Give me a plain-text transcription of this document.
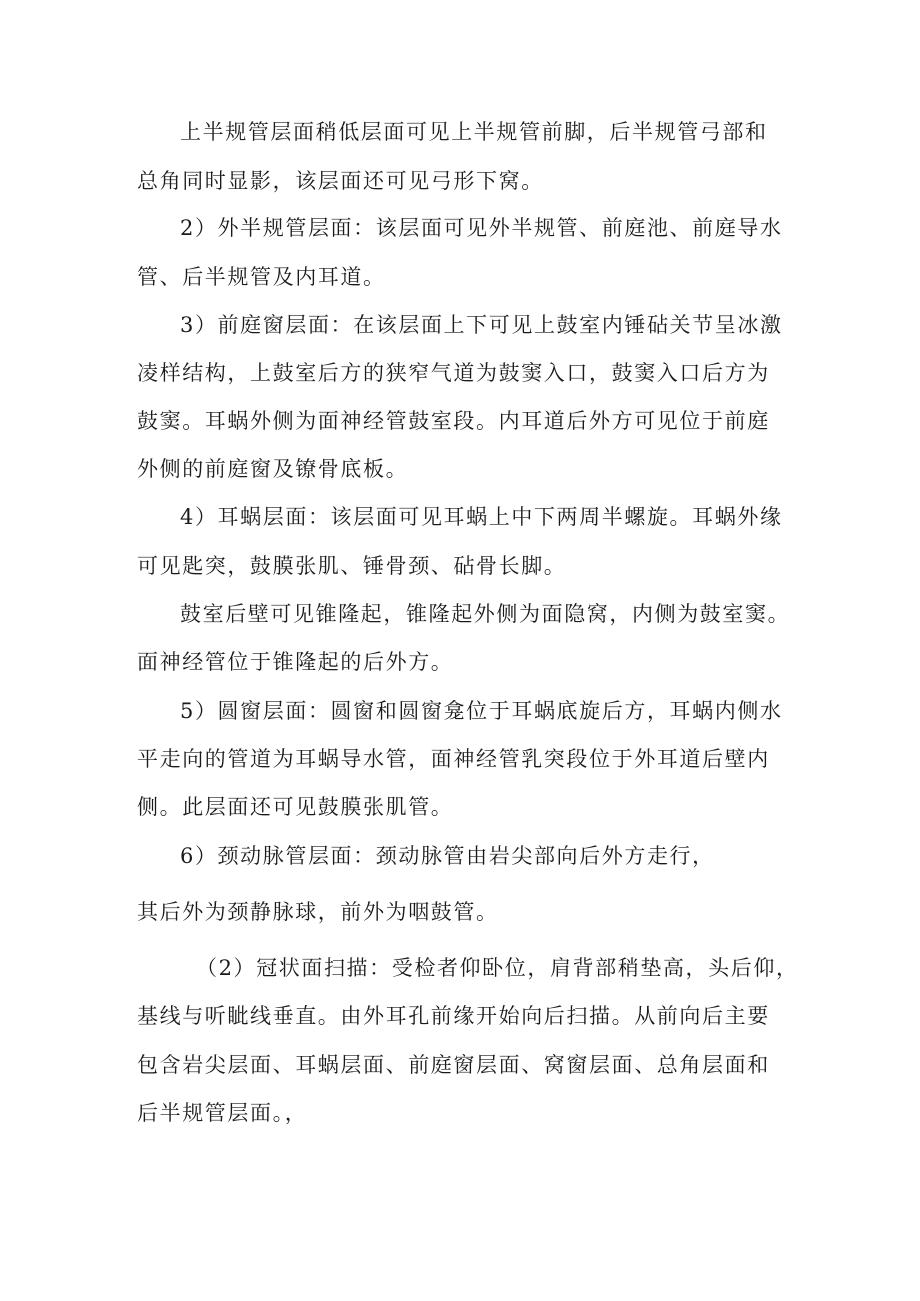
上半规管层面稍低层面可见上半规管前脚，后半规管弓部和
总角同时显影，该层面还可见弓形下窝。
2）外半规管层面：该层面可见外半规管、前庭池、前庭导水
管、后半规管及内耳道。
3）前庭窗层面：在该层面上下可见上鼓室内锤砧关节呈冰激
凌样结构，上鼓室后方的狭窄气道为鼓窦入口，鼓窦入口后方为
鼓窦。耳蜗外侧为面神经管鼓室段。内耳道后外方可见位于前庭
外侧的前庭窗及镣骨底板。
4）耳蜗层面：该层面可见耳蜗上中下两周半螺旋。耳蜗外缘
可见匙突，鼓膜张肌、锤骨颈、砧骨长脚。
鼓室后壁可见锥隆起，锥隆起外侧为面隐窝，内侧为鼓室窦。
面神经管位于锥隆起的后外方。
5）圆窗层面：圆窗和圆窗龛位于耳蜗底旋后方，耳蜗内侧水
平走向的管道为耳蜗导水管，面神经管乳突段位于外耳道后壁内
侧。此层面还可见鼓膜张肌管。
6）颈动脉管层面：颈动脉管由岩尖部向后外方走行，
其后外为颈静脉球，前外为咽鼓管。
（2）冠状面扫描：受检者仰卧位，肩背部稍垫高，头后仰，
基线与听眦线垂直。由外耳孔前缘开始向后扫描。从前向后主要
包含岩尖层面、耳蜗层面、前庭窗层面、窝窗层面、总角层面和
后半规管层面。，
